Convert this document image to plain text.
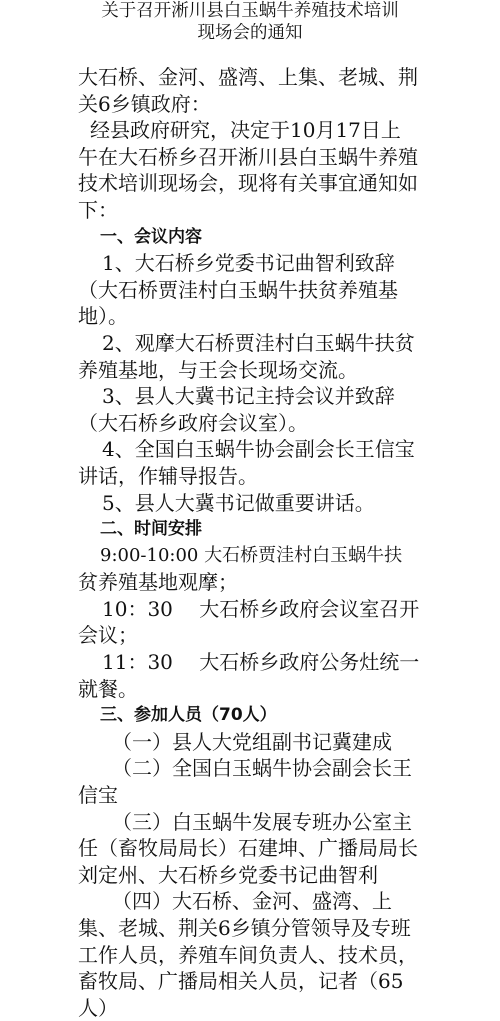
关于召开淅川县白玉蜗牛养殖技术培训
现场会的通知
大石桥、金河、盛湾、上集、老城、荆
关6乡镇政府：
经县政府研究，决定于10月17日上
午在大石桥乡召开淅川县白玉蜗牛养殖
技术培训现场会，现将有关事宜通知如
下：
一、会议内容
1、大石桥乡党委书记曲智利致辞
（大石桥贾洼村白玉蜗牛扶贫养殖基
地）。
2、观摩大石桥贾洼村白玉蜗牛扶贫
养殖基地，与王会长现场交流。
3、县人大冀书记主持会议并致辞
（大石桥乡政府会议室）。
4、全国白玉蜗牛协会副会长王信宝
讲话，作辅导报告。
5、县人大冀书记做重要讲话。
二、时间安排
9:00-10:00 大石桥贾洼村白玉蜗牛扶
贫养殖基地观摩；
10：30　 大石桥乡政府会议室召开
会议；
11：30　 大石桥乡政府公务灶统一
就餐。
三、参加人员（70人）
（一）县人大党组副书记冀建成
（二）全国白玉蜗牛协会副会长王
信宝
（三）白玉蜗牛发展专班办公室主
任（畜牧局局长）石建坤、广播局局长
刘定州、大石桥乡党委书记曲智利
（四）大石桥、金河、盛湾、上
集、老城、荆关6乡镇分管领导及专班
工作人员，养殖车间负责人、技术员，
畜牧局、广播局相关人员，记者（65
人）
